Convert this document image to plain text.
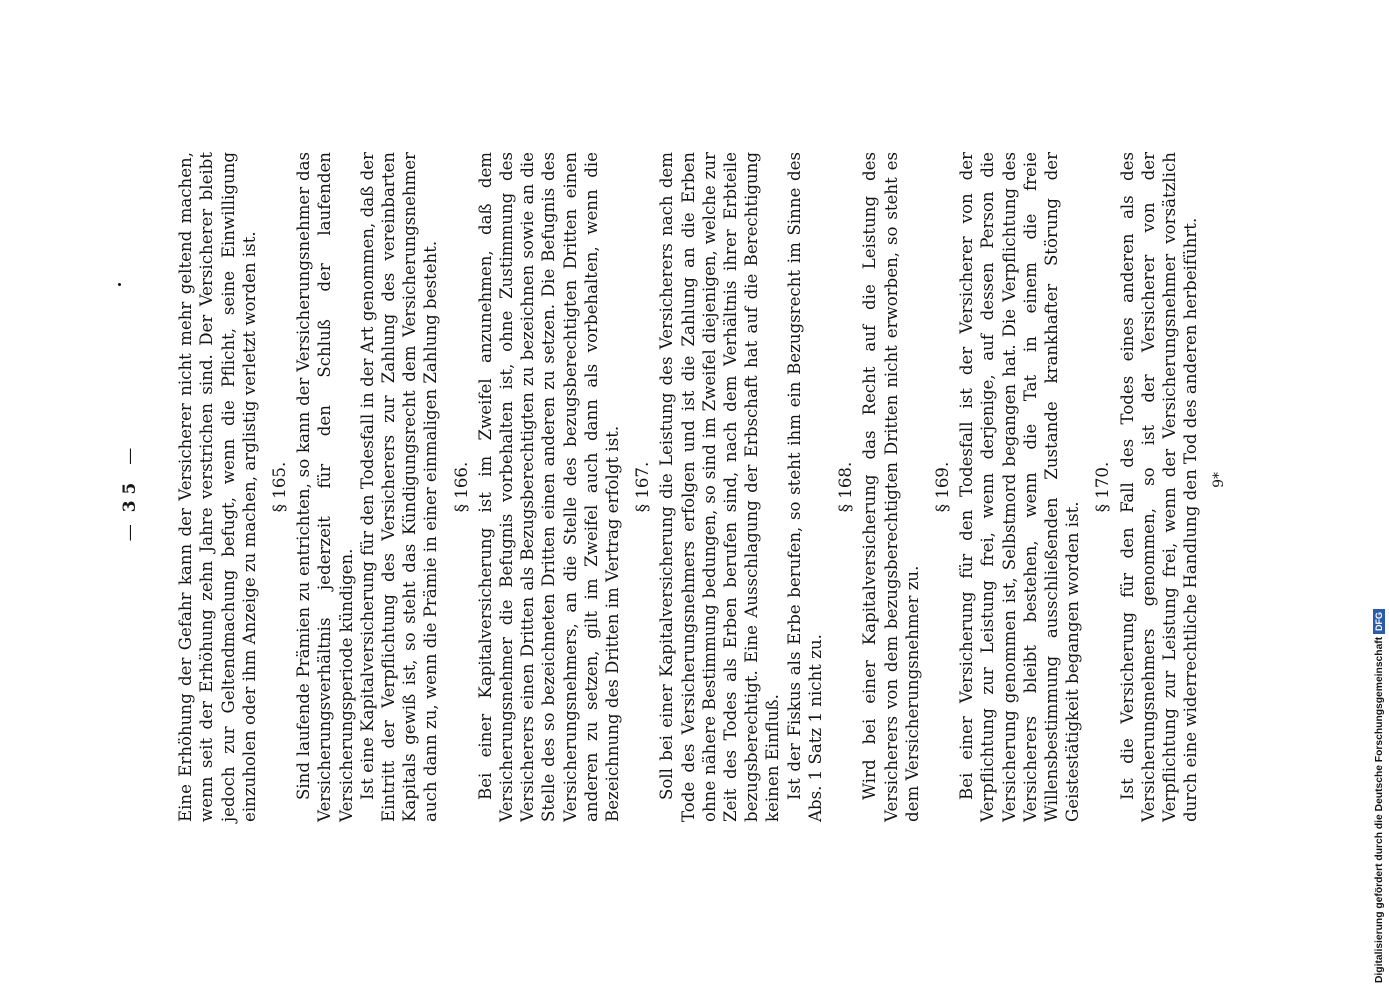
— 35 — Eine Erhöhung der Gefahr kann der Versicherer nicht mehr geltend machen, wenn seit der Erhöhung zehn Jahre verstrichen sind. Der Versicherer bleibt jedoch zur Geltendmachung befugt, wenn die Pflicht, seine Einwilligung einzuholen oder ihm Anzeige zu machen, arglistig verletzt worden ist. § 165. Sind laufende Prämien zu entrichten, so kann der Versicherungsnehmer das Versicherungsverhältnis jederzeit für den Schluß der laufenden Versicherungsperiode kündigen. Ist eine Kapitalversicherung für den Todesfall in der Art genommen, daß der Eintritt der Verpflichtung des Versicherers zur Zahlung des vereinbarten Kapitals gewiß ist, so steht das Kündigungsrecht dem Versicherungsnehmer auch dann zu, wenn die Prämie in einer einmaligen Zahlung besteht. § 166. Bei einer Kapitalversicherung ist im Zweifel anzunehmen, daß dem Versicherungsnehmer die Befugnis vorbehalten ist, ohne Zustimmung des Versicherers einen Dritten als Bezugsberechtigten zu bezeichnen sowie an die Stelle des so bezeichneten Dritten einen anderen zu setzen. Die Befugnis des Versicherungsnehmers, an die Stelle des bezugsberechtigten Dritten einen anderen zu setzen, gilt im Zweifel auch dann als vorbehalten, wenn die Bezeichnung des Dritten im Vertrag erfolgt ist. § 167. Soll bei einer Kapitalversicherung die Leistung des Versicherers nach dem Tode des Versicherungsnehmers erfolgen und ist die Zahlung an die Erben ohne nähere Bestimmung bedungen, so sind im Zweifel diejenigen, welche zur Zeit des Todes als Erben berufen sind, nach dem Verhältnis ihrer Erbteile bezugsberechtigt. Eine Ausschlagung der Erbschaft hat auf die Berechtigung keinen Einfluß. Ist der Fiskus als Erbe berufen, so steht ihm ein Bezugsrecht im Sinne des Abs. 1 Satz 1 nicht zu.

§ 168. Wird bei einer Kapitalversicherung das Recht auf die Leistung des Versicherers von dem bezugsberechtigten Dritten nicht erworben, so steht es dem Versicherungsnehmer zu.

§ 169. Bei einer Versicherung für den Todesfall ist der Versicherer von der Verpflichtung zur Leistung frei, wenn derjenige, auf dessen Person die Versicherung genommen ist, Selbstmord begangen hat. Die Verpflichtung des Versicherers bleibt bestehen, wenn die Tat in einem die freie Willensbestimmung ausschließenden Zustande krankhafter Störung der Geistestätigkeit begangen worden ist.

§ 170. Ist die Versicherung für den Fall des Todes eines anderen als des Versicherungsnehmers genommen, so ist der Versicherer von der Verpflichtung zur Leistung frei, wenn der Versicherungsnehmer vorsätzlich durch eine widerrechtliche Handlung den Tod des anderen herbeiführt. 9*
Digitalisierung gefördert durch die Deutsche Forschungsgemeinschaft DFG
